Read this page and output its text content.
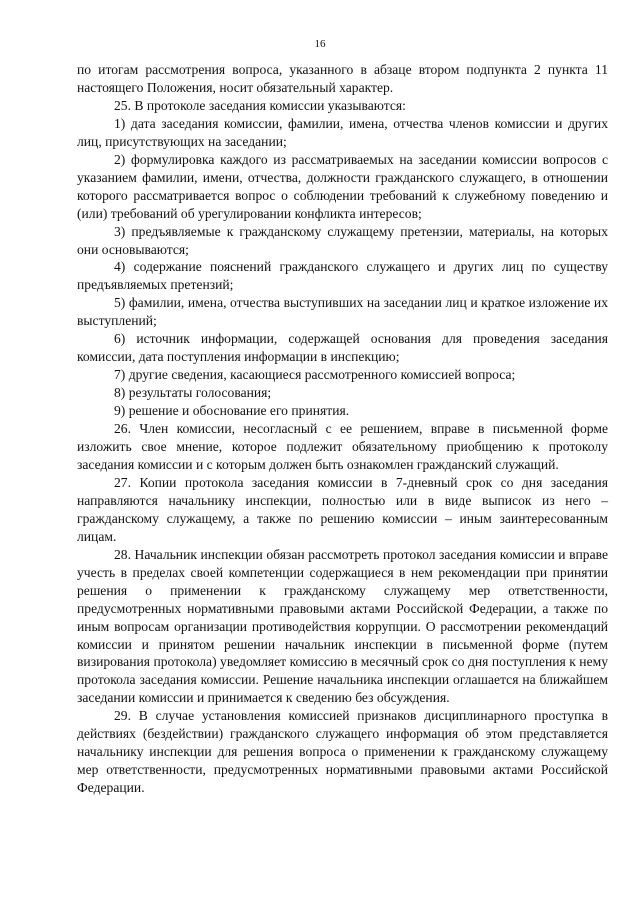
16

по итогам рассмотрения вопроса, указанного в абзаце втором подпункта 2 пункта 11 настоящего Положения, носит обязательный характер.

25. В протоколе заседания комиссии указываются:

1) дата заседания комиссии, фамилии, имена, отчества членов комиссии и других лиц, присутствующих на заседании;

2) формулировка каждого из рассматриваемых на заседании комиссии вопросов с указанием фамилии, имени, отчества, должности гражданского служащего, в отношении которого рассматривается вопрос о соблюдении требований к служебному поведению и (или) требований об урегулировании конфликта интересов;

3) предъявляемые к гражданскому служащему претензии, материалы, на которых они основываются;

4) содержание пояснений гражданского служащего и других лиц по существу предъявляемых претензий;

5) фамилии, имена, отчества выступивших на заседании лиц и краткое изложение их выступлений;

6) источник информации, содержащей основания для проведения заседания комиссии, дата поступления информации в инспекцию;

7) другие сведения, касающиеся рассмотренного комиссией вопроса;

8) результаты голосования;

9) решение и обоснование его принятия.

26. Член комиссии, несогласный с ее решением, вправе в письменной форме изложить свое мнение, которое подлежит обязательному приобщению к протоколу заседания комиссии и с которым должен быть ознакомлен гражданский служащий.

27. Копии протокола заседания комиссии в 7-дневный срок со дня заседания направляются начальнику инспекции, полностью или в виде выписок из него – гражданскому служащему, а также по решению комиссии – иным заинтересованным лицам.

28. Начальник инспекции обязан рассмотреть протокол заседания комиссии и вправе учесть в пределах своей компетенции содержащиеся в нем рекомендации при принятии решения о применении к гражданскому служащему мер ответственности, предусмотренных нормативными правовыми актами Российской Федерации, а также по иным вопросам организации противодействия коррупции. О рассмотрении рекомендаций комиссии и принятом решении начальник инспекции в письменной форме (путем визирования протокола) уведомляет комиссию в месячный срок со дня поступления к нему протокола заседания комиссии. Решение начальника инспекции оглашается на ближайшем заседании комиссии и принимается к сведению без обсуждения.

29. В случае установления комиссией признаков дисциплинарного проступка в действиях (бездействии) гражданского служащего информация об этом представляется начальнику инспекции для решения вопроса о применении к гражданскому служащему мер ответственности, предусмотренных нормативными правовыми актами Российской Федерации.
